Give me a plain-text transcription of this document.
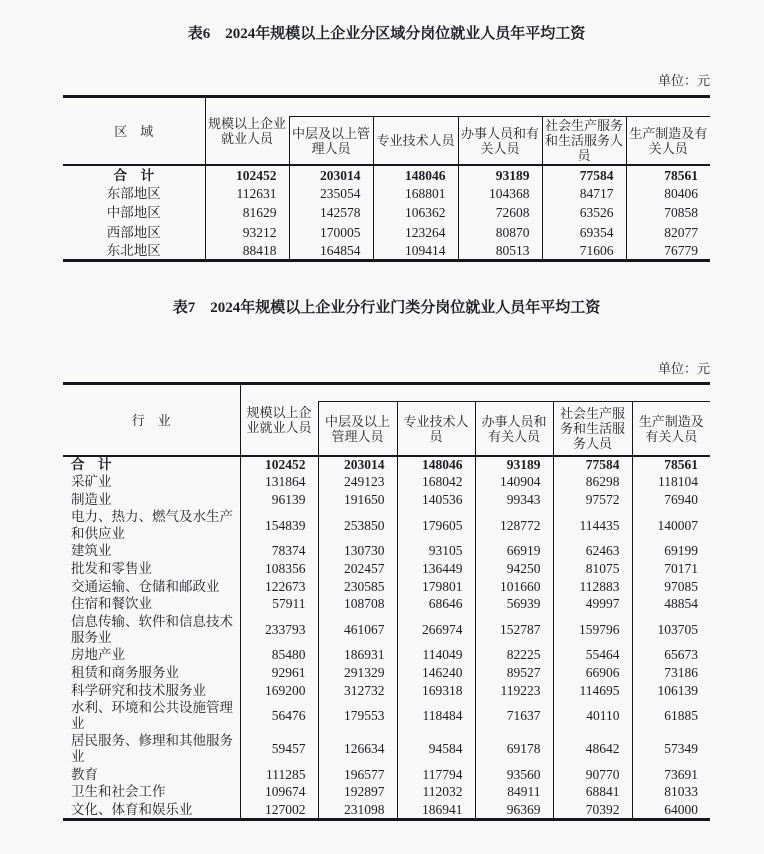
表6　2024年规模以上企业分区域分岗位就业人员年平均工资
单位：元
区　域	规模以上企业就业人员					
		中层及以上管理人员	专业技术人员	办事人员和有关人员	社会生产服务和生活服务人员	生产制造及有关人员
合　计	102452	203014	148046	93189	77584	78561
东部地区	112631	235054	168801	104368	84717	80406
中部地区	81629	142578	106362	72608	63526	70858
西部地区	93212	170005	123264	80870	69354	82077
东北地区	88418	164854	109414	80513	71606	76779
表7　2024年规模以上企业分行业门类分岗位就业人员年平均工资
单位：元
行　业	规模以上企业就业人员					
		中层及以上管理人员	专业技术人员	办事人员和有关人员	社会生产服务和生活服务人员	生产制造及有关人员
合　计	102452	203014	148046	93189	77584	78561
采矿业	131864	249123	168042	140904	86298	118104
制造业	96139	191650	140536	99343	97572	76940
电力、热力、燃气及水生产和供应业	154839	253850	179605	128772	114435	140007
建筑业	78374	130730	93105	66919	62463	69199
批发和零售业	108356	202457	136449	94250	81075	70171
交通运输、仓储和邮政业	122673	230585	179801	101660	112883	97085
住宿和餐饮业	57911	108708	68646	56939	49997	48854
信息传输、软件和信息技术服务业	233793	461067	266974	152787	159796	103705
房地产业	85480	186931	114049	82225	55464	65673
租赁和商务服务业	92961	291329	146240	89527	66906	73186
科学研究和技术服务业	169200	312732	169318	119223	114695	106139
水利、环境和公共设施管理业	56476	179553	118484	71637	40110	61885
居民服务、修理和其他服务业	59457	126634	94584	69178	48642	57349
教育	111285	196577	117794	93560	90770	73691
卫生和社会工作	109674	192897	112032	84911	68841	81033
文化、体育和娱乐业	127002	231098	186941	96369	70392	64000
